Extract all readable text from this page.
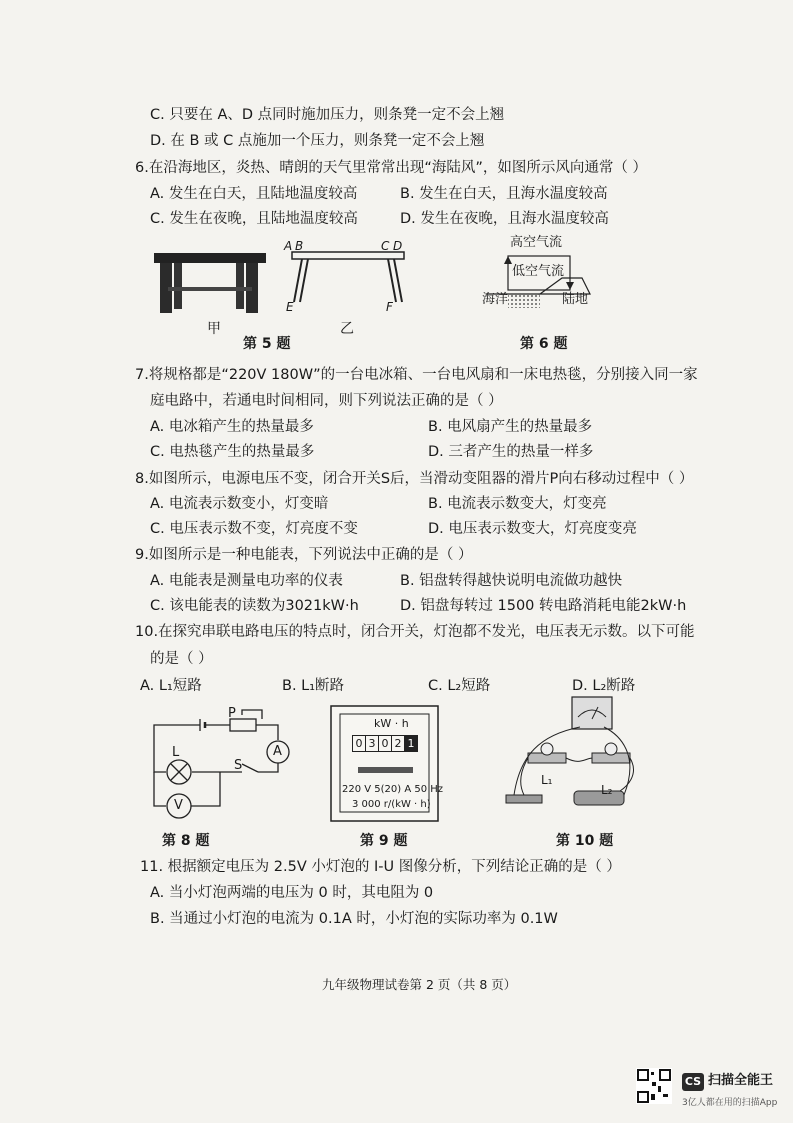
C. 只要在 A、D 点同时施加压力，则条凳一定不会上翘
D. 在 B 或 C 点施加一个压力，则条凳一定不会上翘
6.在沿海地区，炎热、晴朗的天气里常常出现“海陆风”，如图所示风向通常（ ）
A. 发生在白天，且陆地温度较高	B. 发生在白天，且海水温度较高
C. 发生在夜晚，且陆地温度较高	D. 发生在夜晚，且海水温度较高
甲
A B	C D
E	F
乙
第 5 题
高空气流
低空气流
海洋	陆地
第 6 题
7.将规格都是“220V 180W”的一台电冰箱、一台电风扇和一床电热毯，分别接入同一家
庭电路中，若通电时间相同，则下列说法正确的是（ ）
A. 电冰箱产生的热量最多	B. 电风扇产生的热量最多
C. 电热毯产生的热量最多	D. 三者产生的热量一样多
8.如图所示，电源电压不变，闭合开关S后，当滑动变阻器的滑片P向右移动过程中（ ）
A. 电流表示数变小，灯变暗	B. 电流表示数变大，灯变亮
C. 电压表示数不变，灯亮度不变	D. 电压表示数变大，灯亮度变亮
9.如图所示是一种电能表，下列说法中正确的是（ ）
A. 电能表是测量电功率的仪表	B. 铝盘转得越快说明电流做功越快
C. 该电能表的读数为3021kW·h	D. 铝盘每转过 1500 转电路消耗电能2kW·h
10.在探究串联电路电压的特点时，闭合开关，灯泡都不发光，电压表无示数。以下可能
的是（ ）
A. L₁短路	B. L₁断路	C. L₂短路	D. L₂断路
P
A
L
S
V
第 8 题
kW · h
0 3 0 2 1
220 V 5(20) A 50 Hz
3 000 r/(kW · h)
第 9 题
L₁
L₂
第 10 题
11. 根据额定电压为 2.5V 小灯泡的 I-U 图像分析，下列结论正确的是（ ）
A. 当小灯泡两端的电压为 0 时，其电阻为 0
B. 当通过小灯泡的电流为 0.1A 时，小灯泡的实际功率为 0.1W
九年级物理试卷第 2 页（共 8 页）
CS 扫描全能王
3亿人都在用的扫描App
